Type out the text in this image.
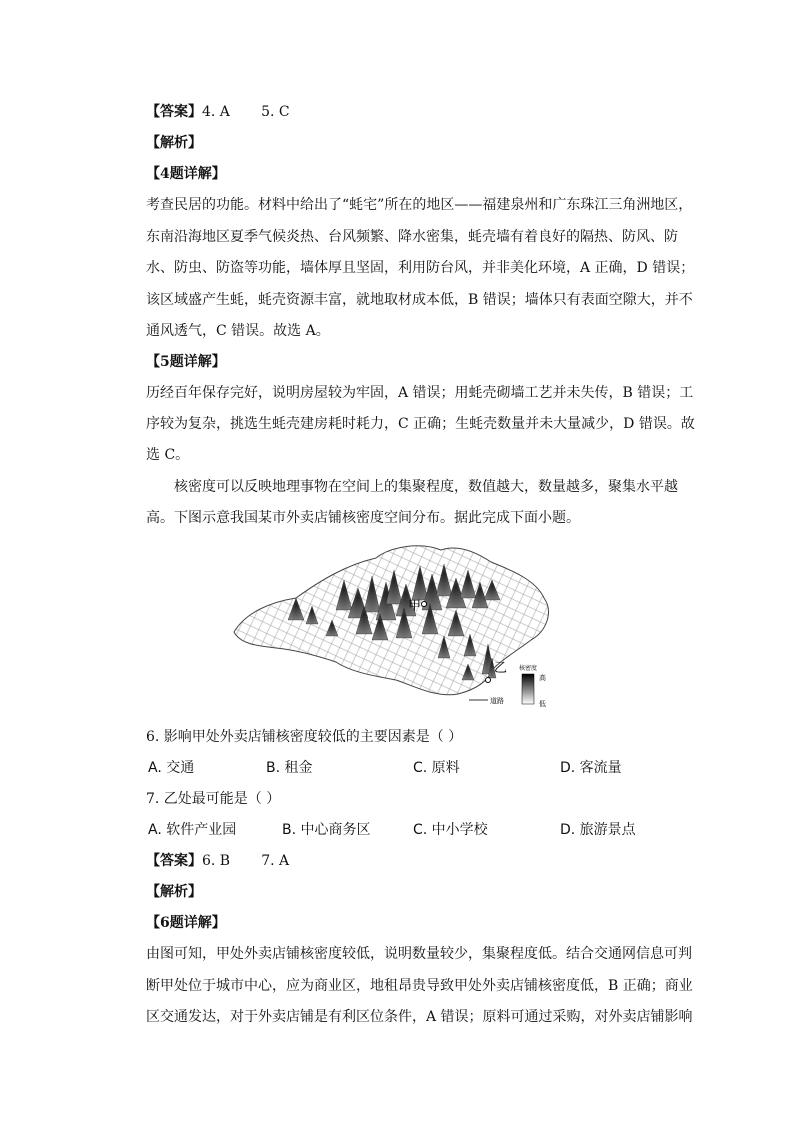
【答案】4. A       5. C
【解析】
【4题详解】
考查民居的功能。材料中给出了“蚝宅”所在的地区——福建泉州和广东珠江三角洲地区，
东南沿海地区夏季气候炎热、台风频繁、降水密集，蚝壳墙有着良好的隔热、防风、防
水、防虫、防盗等功能，墙体厚且坚固，利用防台风，并非美化环境，A 正确，D 错误；
该区域盛产生蚝，蚝壳资源丰富，就地取材成本低，B 错误；墙体只有表面空隙大，并不
通风透气，C 错误。故选 A。
【5题详解】
历经百年保存完好，说明房屋较为牢固，A 错误；用蚝壳砌墙工艺并未失传，B 错误；工
序较为复杂，挑选生蚝壳建房耗时耗力，C 正确；生蚝壳数量并未大量减少，D 错误。故
选 C。
核密度可以反映地理事物在空间上的集聚程度，数值越大，数量越多，聚集水平越
高。下图示意我国某市外卖店铺核密度空间分布。据此完成下面小题。
甲
乙 核密度
高
低
道路
6. 影响甲处外卖店铺核密度较低的主要因素是（ ）
A. 交通	B. 租金	C. 原料	D. 客流量
7. 乙处最可能是（ ）
A. 软件产业园	B. 中心商务区	C. 中小学校	D. 旅游景点
【答案】6. B       7. A
【解析】
【6题详解】
由图可知，甲处外卖店铺核密度较低，说明数量较少，集聚程度低。结合交通网信息可判
断甲处位于城市中心，应为商业区，地租昂贵导致甲处外卖店铺核密度低，B 正确；商业
区交通发达，对于外卖店铺是有利区位条件，A 错误；原料可通过采购，对外卖店铺影响
